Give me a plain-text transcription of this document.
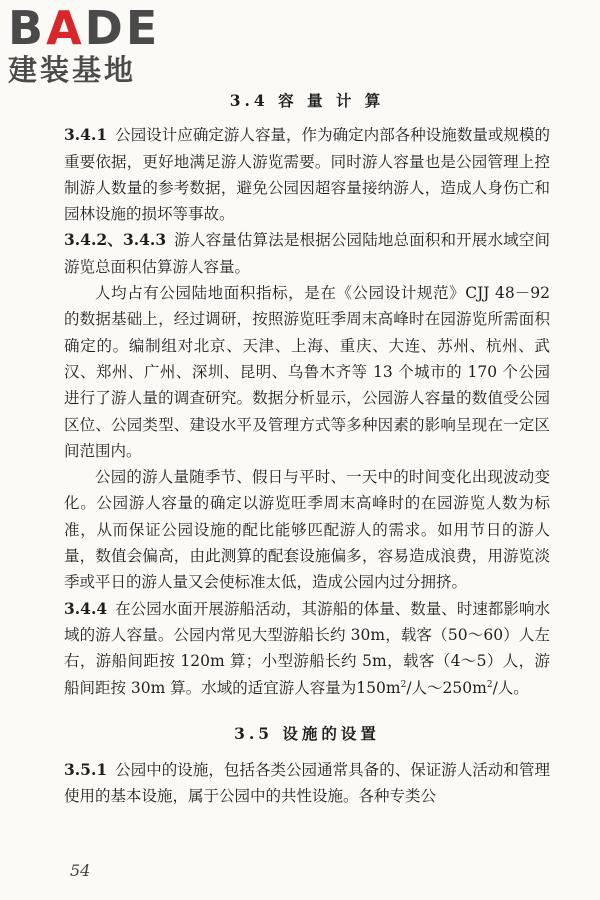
BADE
建装基地
3.4 容 量 计 算

3.4.1 公园设计应确定游人容量，作为确定内部各种设施数量或规模的重要依据，更好地满足游人游览需要。同时游人容量也是公园管理上控制游人数量的参考数据，避免公园因超容量接纳游人，造成人身伤亡和园林设施的损坏等事故。

3.4.2、3.4.3 游人容量估算法是根据公园陆地总面积和开展水域空间游览总面积估算游人容量。

人均占有公园陆地面积指标，是在《公园设计规范》CJJ 48－92的数据基础上，经过调研，按照游览旺季周末高峰时在园游览所需面积确定的。编制组对北京、天津、上海、重庆、大连、苏州、杭州、武汉、郑州、广州、深圳、昆明、乌鲁木齐等 13 个城市的 170 个公园进行了游人量的调查研究。数据分析显示，公园游人容量的数值受公园区位、公园类型、建设水平及管理方式等多种因素的影响呈现在一定区间范围内。

公园的游人量随季节、假日与平时、一天中的时间变化出现波动变化。公园游人容量的确定以游览旺季周末高峰时的在园游览人数为标准，从而保证公园设施的配比能够匹配游人的需求。如用节日的游人量，数值会偏高，由此测算的配套设施偏多，容易造成浪费，用游览淡季或平日的游人量又会使标准太低，造成公园内过分拥挤。

3.4.4 在公园水面开展游船活动，其游船的体量、数量、时速都影响水域的游人容量。公园内常见大型游船长约 30m，载客（50～60）人左右，游船间距按 120m 算；小型游船长约 5m，载客（4～5）人，游船间距按 30m 算。水域的适宜游人容量为$150m^2/$人$\sim 250m^2/$人。

3.5 设施的设置

3.5.1 公园中的设施，包括各类公园通常具备的、保证游人活动和管理使用的基本设施，属于公园中的共性设施。各种专类公

54
